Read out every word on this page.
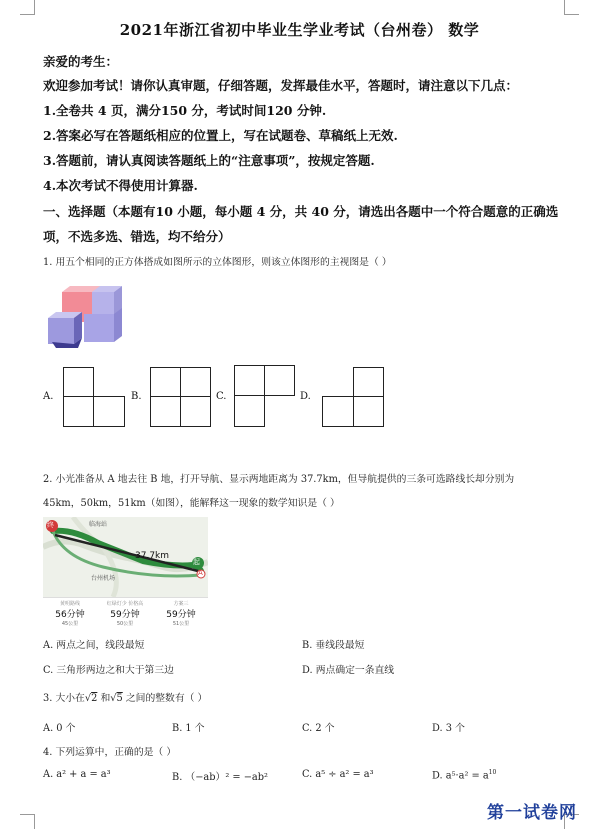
2021年浙江省初中毕业生学业考试（台州卷） 数学
亲爱的考生：
欢迎参加考试！请你认真审题，仔细答题，发挥最佳水平，答题时，请注意以下几点：
1.全卷共 4 页，满分150 分，考试时间120 分钟.
2.答案必写在答题纸相应的位置上，写在试题卷、草稿纸上无效.
3.答题前，请认真阅读答题纸上的“注意事项”，按规定答题.
4.本次考试不得使用计算器.
一、选择题（本题有10 小题，每小题 4 分，共 40 分，请选出各题中一个符合题意的正确选
项，不选多选、错选，均不给分）
1. 用五个相同的正方体搭成如图所示的立体图形，则该立体图形的主视图是（ ）
A.	B.	C.	D.
2. 小光准备从 A 地去往 B 地，打开导航、显示两地距离为 37.7km，但导航提供的三条可选路线长却分别为
45km，50km，51km（如图），能解释这一现象的数学知识是（ ）
终
起
A
临海站
37.7km
台州机场
黄明路线
56分钟
45公里
红绿灯少 价格高
59分钟
50公里
方案三
59分钟
51公里
A. 两点之间，线段最短	B. 垂线段最短
C. 三角形两边之和大于第三边	D. 两点确定一条直线
3. 大小在√2 和√5 之间的整数有（ ）
A. 0 个	B. 1 个	C. 2 个	D. 3 个
4. 下列运算中，正确的是（ ）
A. a² + a = a³	B. （−ab）² = −ab²	C. a⁵ ÷ a² = a³	D. $a^5\cdot a^2 = a^{10}$
第一试卷网
